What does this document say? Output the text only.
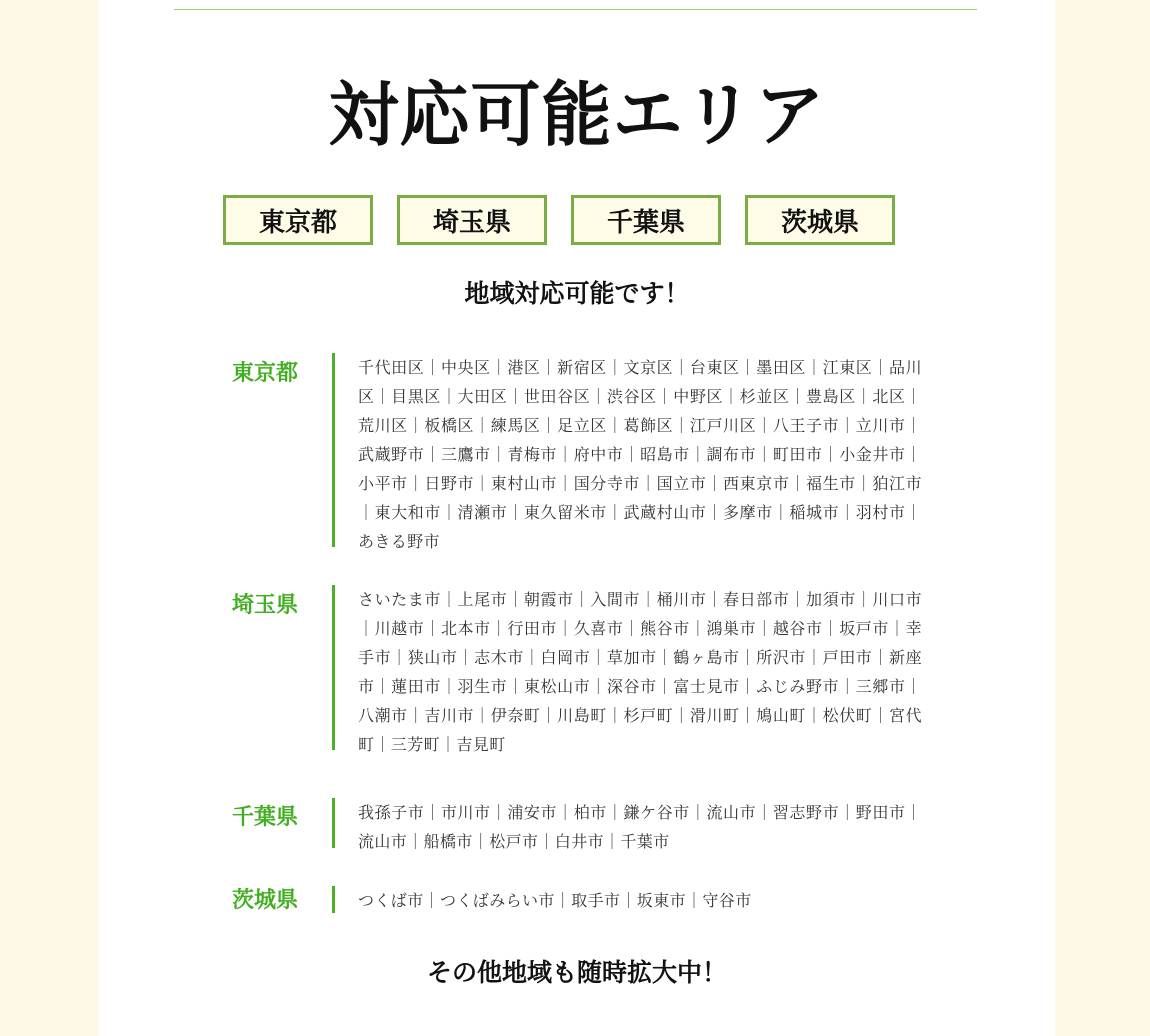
対応可能エリア
東京都	埼玉県	千葉県	茨城県

地域対応可能です！

東京都	千代田区｜中央区｜港区｜新宿区｜文京区｜台東区｜墨田区｜江東区｜品川区｜目黒区｜大田区｜世田谷区｜渋谷区｜中野区｜杉並区｜豊島区｜北区｜荒川区｜板橋区｜練馬区｜足立区｜葛飾区｜江戸川区｜八王子市｜立川市｜武蔵野市｜三鷹市｜青梅市｜府中市｜昭島市｜調布市｜町田市｜小金井市｜小平市｜日野市｜東村山市｜国分寺市｜国立市｜西東京市｜福生市｜狛江市｜東大和市｜清瀬市｜東久留米市｜武蔵村山市｜多摩市｜稲城市｜羽村市｜あきる野市

埼玉県	さいたま市｜上尾市｜朝霞市｜入間市｜桶川市｜春日部市｜加須市｜川口市｜川越市｜北本市｜行田市｜久喜市｜熊谷市｜鴻巣市｜越谷市｜坂戸市｜幸手市｜狭山市｜志木市｜白岡市｜草加市｜鶴ヶ島市｜所沢市｜戸田市｜新座市｜蓮田市｜羽生市｜東松山市｜深谷市｜富士見市｜ふじみ野市｜三郷市｜八潮市｜吉川市｜伊奈町｜川島町｜杉戸町｜滑川町｜鳩山町｜松伏町｜宮代町｜三芳町｜吉見町

千葉県	我孫子市｜市川市｜浦安市｜柏市｜鎌ケ谷市｜流山市｜習志野市｜野田市｜流山市｜船橋市｜松戸市｜白井市｜千葉市

茨城県	つくば市｜つくばみらい市｜取手市｜坂東市｜守谷市

その他地域も随時拡大中！
